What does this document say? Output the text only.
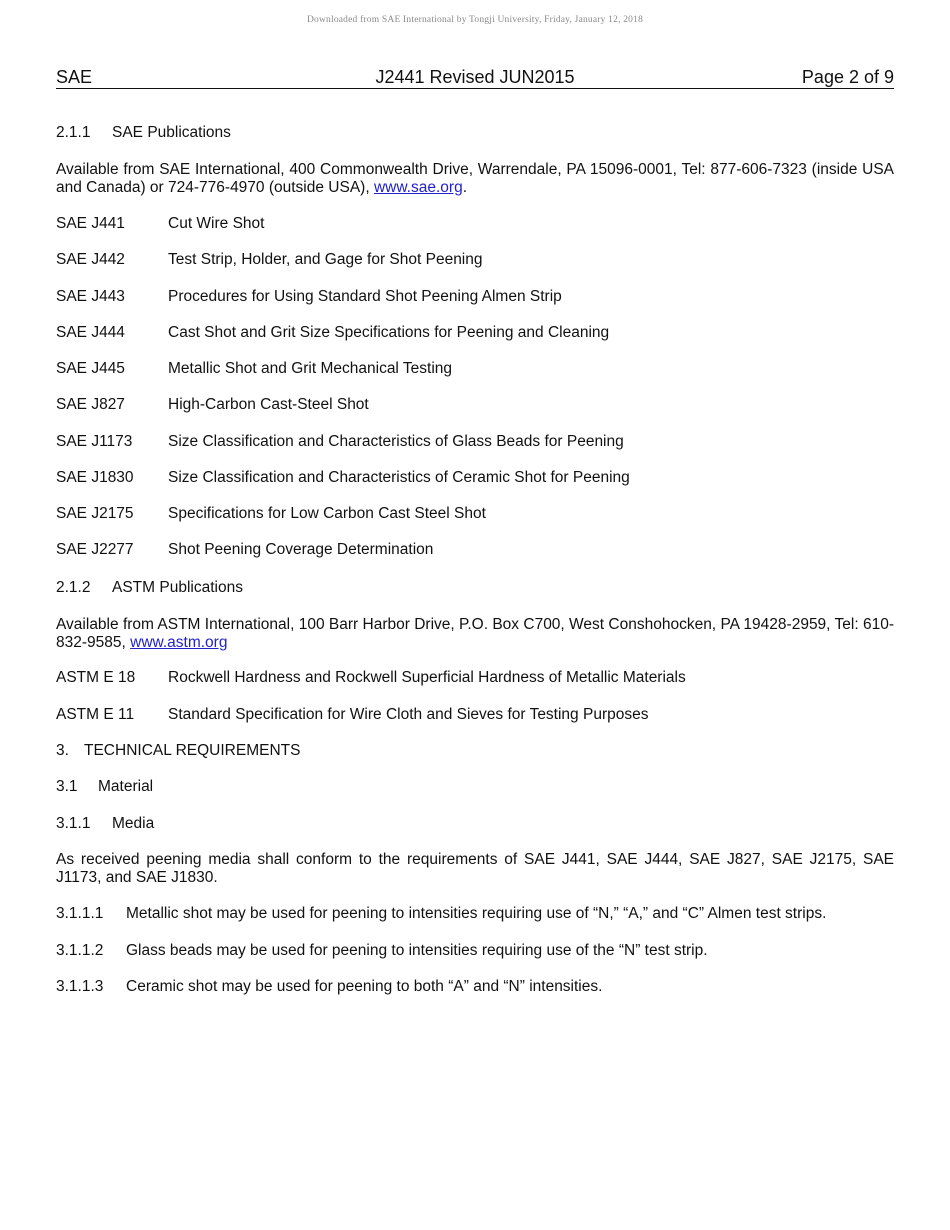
Downloaded from SAE International by Tongji University, Friday, January 12, 2018
J2441 Revised JUN2015
SAE	Page 2 of 9
2.1.1 SAE Publications
Available from SAE International, 400 Commonwealth Drive, Warrendale, PA 15096-0001, Tel: 877-606-7323 (inside USA and Canada) or 724-776-4970 (outside USA), www.sae.org.
SAE J441	Cut Wire Shot
SAE J442	Test Strip, Holder, and Gage for Shot Peening
SAE J443	Procedures for Using Standard Shot Peening Almen Strip
SAE J444	Cast Shot and Grit Size Specifications for Peening and Cleaning
SAE J445	Metallic Shot and Grit Mechanical Testing
SAE J827	High-Carbon Cast-Steel Shot
SAE J1173 Size Classification and Characteristics of Glass Beads for Peening
SAE J1830 Size Classification and Characteristics of Ceramic Shot for Peening
SAE J2175 Specifications for Low Carbon Cast Steel Shot
SAE J2277 Shot Peening Coverage Determination
2.1.2 ASTM Publications
Available from ASTM International, 100 Barr Harbor Drive, P.O. Box C700, West Conshohocken, PA 19428-2959, Tel: 610-832-9585, www.astm.org
ASTM E 18 Rockwell Hardness and Rockwell Superficial Hardness of Metallic Materials
ASTM E 11 Standard Specification for Wire Cloth and Sieves for Testing Purposes
3. TECHNICAL REQUIREMENTS
3.1 Material
3.1.1 Media
As received peening media shall conform to the requirements of SAE J441, SAE J444, SAE J827, SAE J2175, SAE J1173, and SAE J1830.
3.1.1.1 Metallic shot may be used for peening to intensities requiring use of “N,” “A,” and “C” Almen test strips.
3.1.1.2 Glass beads may be used for peening to intensities requiring use of the “N” test strip.
3.1.1.3 Ceramic shot may be used for peening to both “A” and “N” intensities.
